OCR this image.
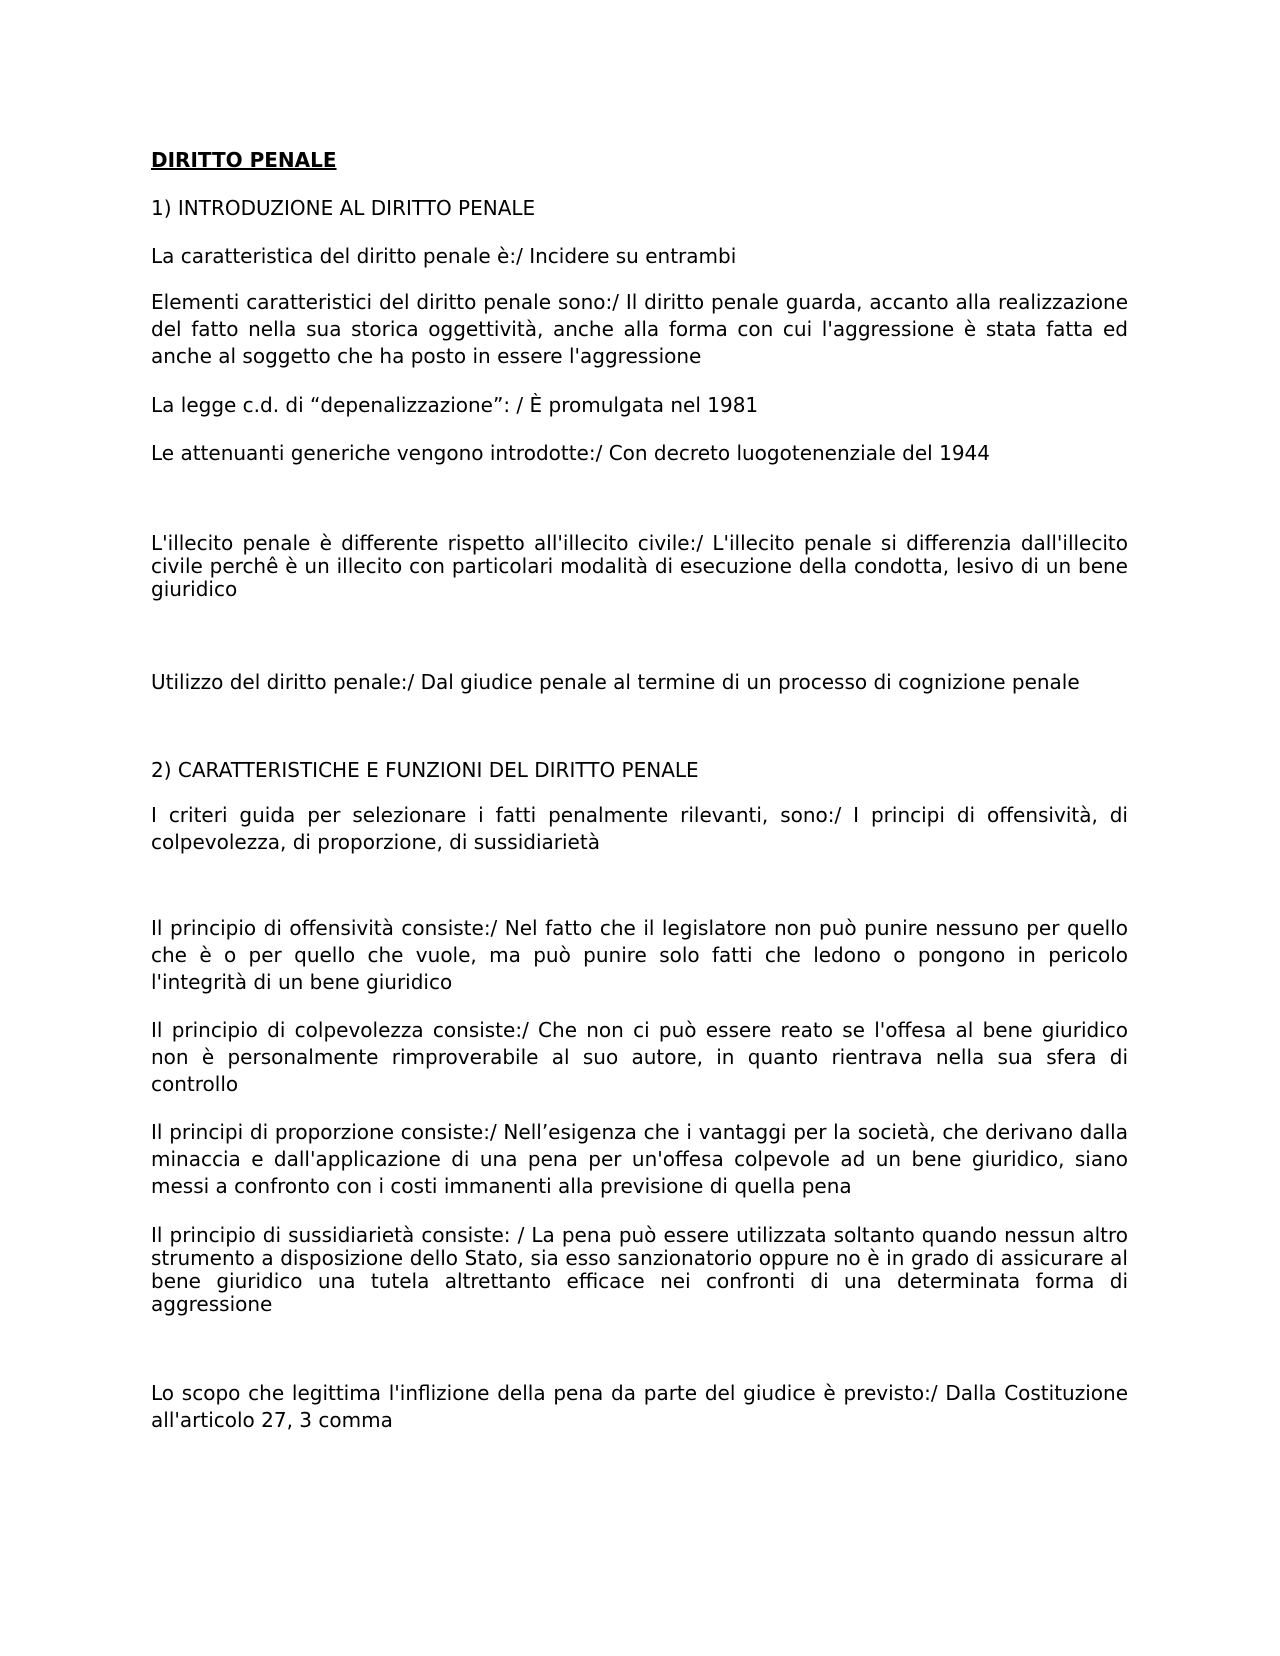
DIRITTO PENALE

1) INTRODUZIONE AL DIRITTO PENALE

La caratteristica del diritto penale è:/ Incidere su entrambi

Elementi caratteristici del diritto penale sono:/ Il diritto penale guarda, accanto alla realizzazione del fatto nella sua storica oggettività, anche alla forma con cui l'aggressione è stata fatta ed anche al soggetto che ha posto in essere l'aggressione

La legge c.d. di “depenalizzazione”: / È promulgata nel 1981

Le attenuanti generiche vengono introdotte:/ Con decreto luogotenenziale del 1944

L'illecito penale è differente rispetto all'illecito civile:/ L'illecito penale si differenzia dall'illecito civile perchê è un illecito con particolari modalità di esecuzione della condotta, lesivo di un bene giuridico

Utilizzo del diritto penale:/ Dal giudice penale al termine di un processo di cognizione penale

2) CARATTERISTICHE E FUNZIONI DEL DIRITTO PENALE

I criteri guida per selezionare i fatti penalmente rilevanti, sono:/ I principi di offensività, di colpevolezza, di proporzione, di sussidiarietà

Il principio di offensività consiste:/ Nel fatto che il legislatore non può punire nessuno per quello che è o per quello che vuole, ma può punire solo fatti che ledono o pongono in pericolo l'integrità di un bene giuridico

Il principio di colpevolezza consiste:/ Che non ci può essere reato se l'offesa al bene giuridico non è personalmente rimproverabile al suo autore, in quanto rientrava nella sua sfera di controllo

Il principi di proporzione consiste:/ Nell’esigenza che i vantaggi per la società, che derivano dalla minaccia e dall'applicazione di una pena per un'offesa colpevole ad un bene giuridico, siano messi a confronto con i costi immanenti alla previsione di quella pena

Il principio di sussidiarietà consiste: / La pena può essere utilizzata soltanto quando nessun altro strumento a disposizione dello Stato, sia esso sanzionatorio oppure no è in grado di assicurare al bene giuridico una tutela altrettanto efficace nei confronti di una determinata forma di aggressione

Lo scopo che legittima l'inflizione della pena da parte del giudice è previsto:/ Dalla Costituzione all'articolo 27, 3 comma
